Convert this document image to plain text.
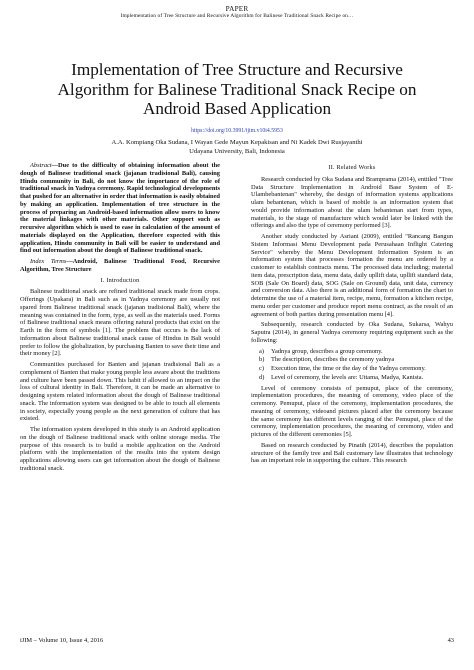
PAPER
Implementation of Tree Structure and Recursive Algorithm for Balinese Traditional Snack Recipe on…
Implementation of Tree Structure and Recursive Algorithm for Balinese Traditional Snack Recipe on Android Based Application
https://doi.org/10.3991/ijim.v10i4.5953
A.A. Kompiang Oka Sudana, I Wayan Gede Mayun Kepakisan and Ni Kadek Dwi Rusjayanthi
Udayana University, Bali, Indonesia

Abstract—Due to the difficulty of obtaining information about the dough of Balinese traditional snack (jajanan tradisional Bali), causing Hindu community in Bali, do not know the importance of the role of traditional snack in Yadnya ceremony. Rapid technological developments that pushed for an alternative in order that information is easily obtained by making an application. Implementation of tree structure in the process of preparing an Android-based information allow users to know the material linkages with other materials. Other support such as recursive algorithm which is used to ease in calculation of the amount of materials displayed on the Application, therefore expected with this application, Hindu community in Bali will be easier to understand and find out information about the dough of Balinese traditional snack.

Index Terms—Android, Balinese Traditional Food, Recursive Algorithm, Tree Structure

I. Introduction

Balinese traditional snack are refined traditional snack made from crops. Offerings (Upakara) in Bali such as in Yadnya ceremony are usually not spared from Balinese traditional snack (jajanan tradisional Bali), where the meaning was contained in the form, type, as well as the materials used. Forms of Balinese traditional snack means offering natural products that exist on the Earth in the form of symbols [1]. The problem that occurs is the lack of information about Balinese traditional snack cause of Hindus in Bali would prefer to follow the globalization, by purchasing Banten to save their time and their money [2].

Communities purchased for Banten and jajanan tradisional Bali as a complement of Banten that make young people less aware about the traditions and culture have been passed down. This habit if allowed to an impact on the loss of cultural identity in Bali. Therefore, it can be made an alternative to designing system related information about the dough of Balinese traditional snack. The information system was designed to be able to touch all elements in society, especially young people as the next generation of culture that has existed.

The information system developed in this study is an Android application on the dough of Balinese traditional snack with online storage media. The purpose of this research is to build a mobile application on the Android platform with the implementation of the results into the system design applications allowing users can get information about the dough of Balinese traditional snack.

II. Related Works

Research conducted by Oka Sudana and Bramprama (2014), entitled "Tree Data Structure Implementation in Android Base System of E-Ulambebantenan" whereby, the design of information systems applications ulam bebantenan, which is based of mobile is an information system that would provide information about the ulam bebantenan start from types, materials, to the stage of manufacture which would later be linked with the offerings and also the type of ceremony performed [3].

Another study conducted by Asriani (2009), entitled "Rancang Bangun Sistem Informasi Menu Development pada Perusahaan Inflight Catering Service" whereby the Menu Development Information System is an information system that processes formation the menu are ordered by a customer to establish contracts menu. The processed data including; material item data, prescription data, menu data, daily upllift data, upllift standard data, SOB (Sale On Board) data, SOG (Sale on Ground) data, unit data, currency and conversion data. Also there is an additional form of formation the chart to determine the use of a material item, recipe, menu, formation a kitchen recipe, menu order per customer and produce report menu contract, as the result of an agreement of both parties during presentation menu [4].

Subsequently, research conducted by Oka Sudana, Sukarsa, Wahyu Saputra (2014), in general Yadnya ceremony requiring equipment such as the following:

a) Yadnya group, describes a group ceremony.
b) The description, describes the ceremony yadnya
c) Execution time, the time or the day of the Yadnya ceremony.
d) Level of ceremony, the levels are: Uttama, Madya, Kanista.

Level of ceremony consists of pemuput, place of the ceremony, implementation procedures, the meaning of ceremony, video place of the ceremony. Pemuput, place of the ceremony, implementation procedures, the meaning of ceremony, videoand pictures placed after the ceremony because the same ceremony has different levels ranging of the: Pemuput, place of the ceremony, implementation procedures, the meaning of ceremony, video and pictures of the different ceremonies [5].

Based on research conducted by Pinatih (2014), describes the population structure of the family tree and Bali customary law illustrates that technology has an important role in supporting the culture. This research

iJIM ‒ Volume 10, Issue 4, 2016	43
